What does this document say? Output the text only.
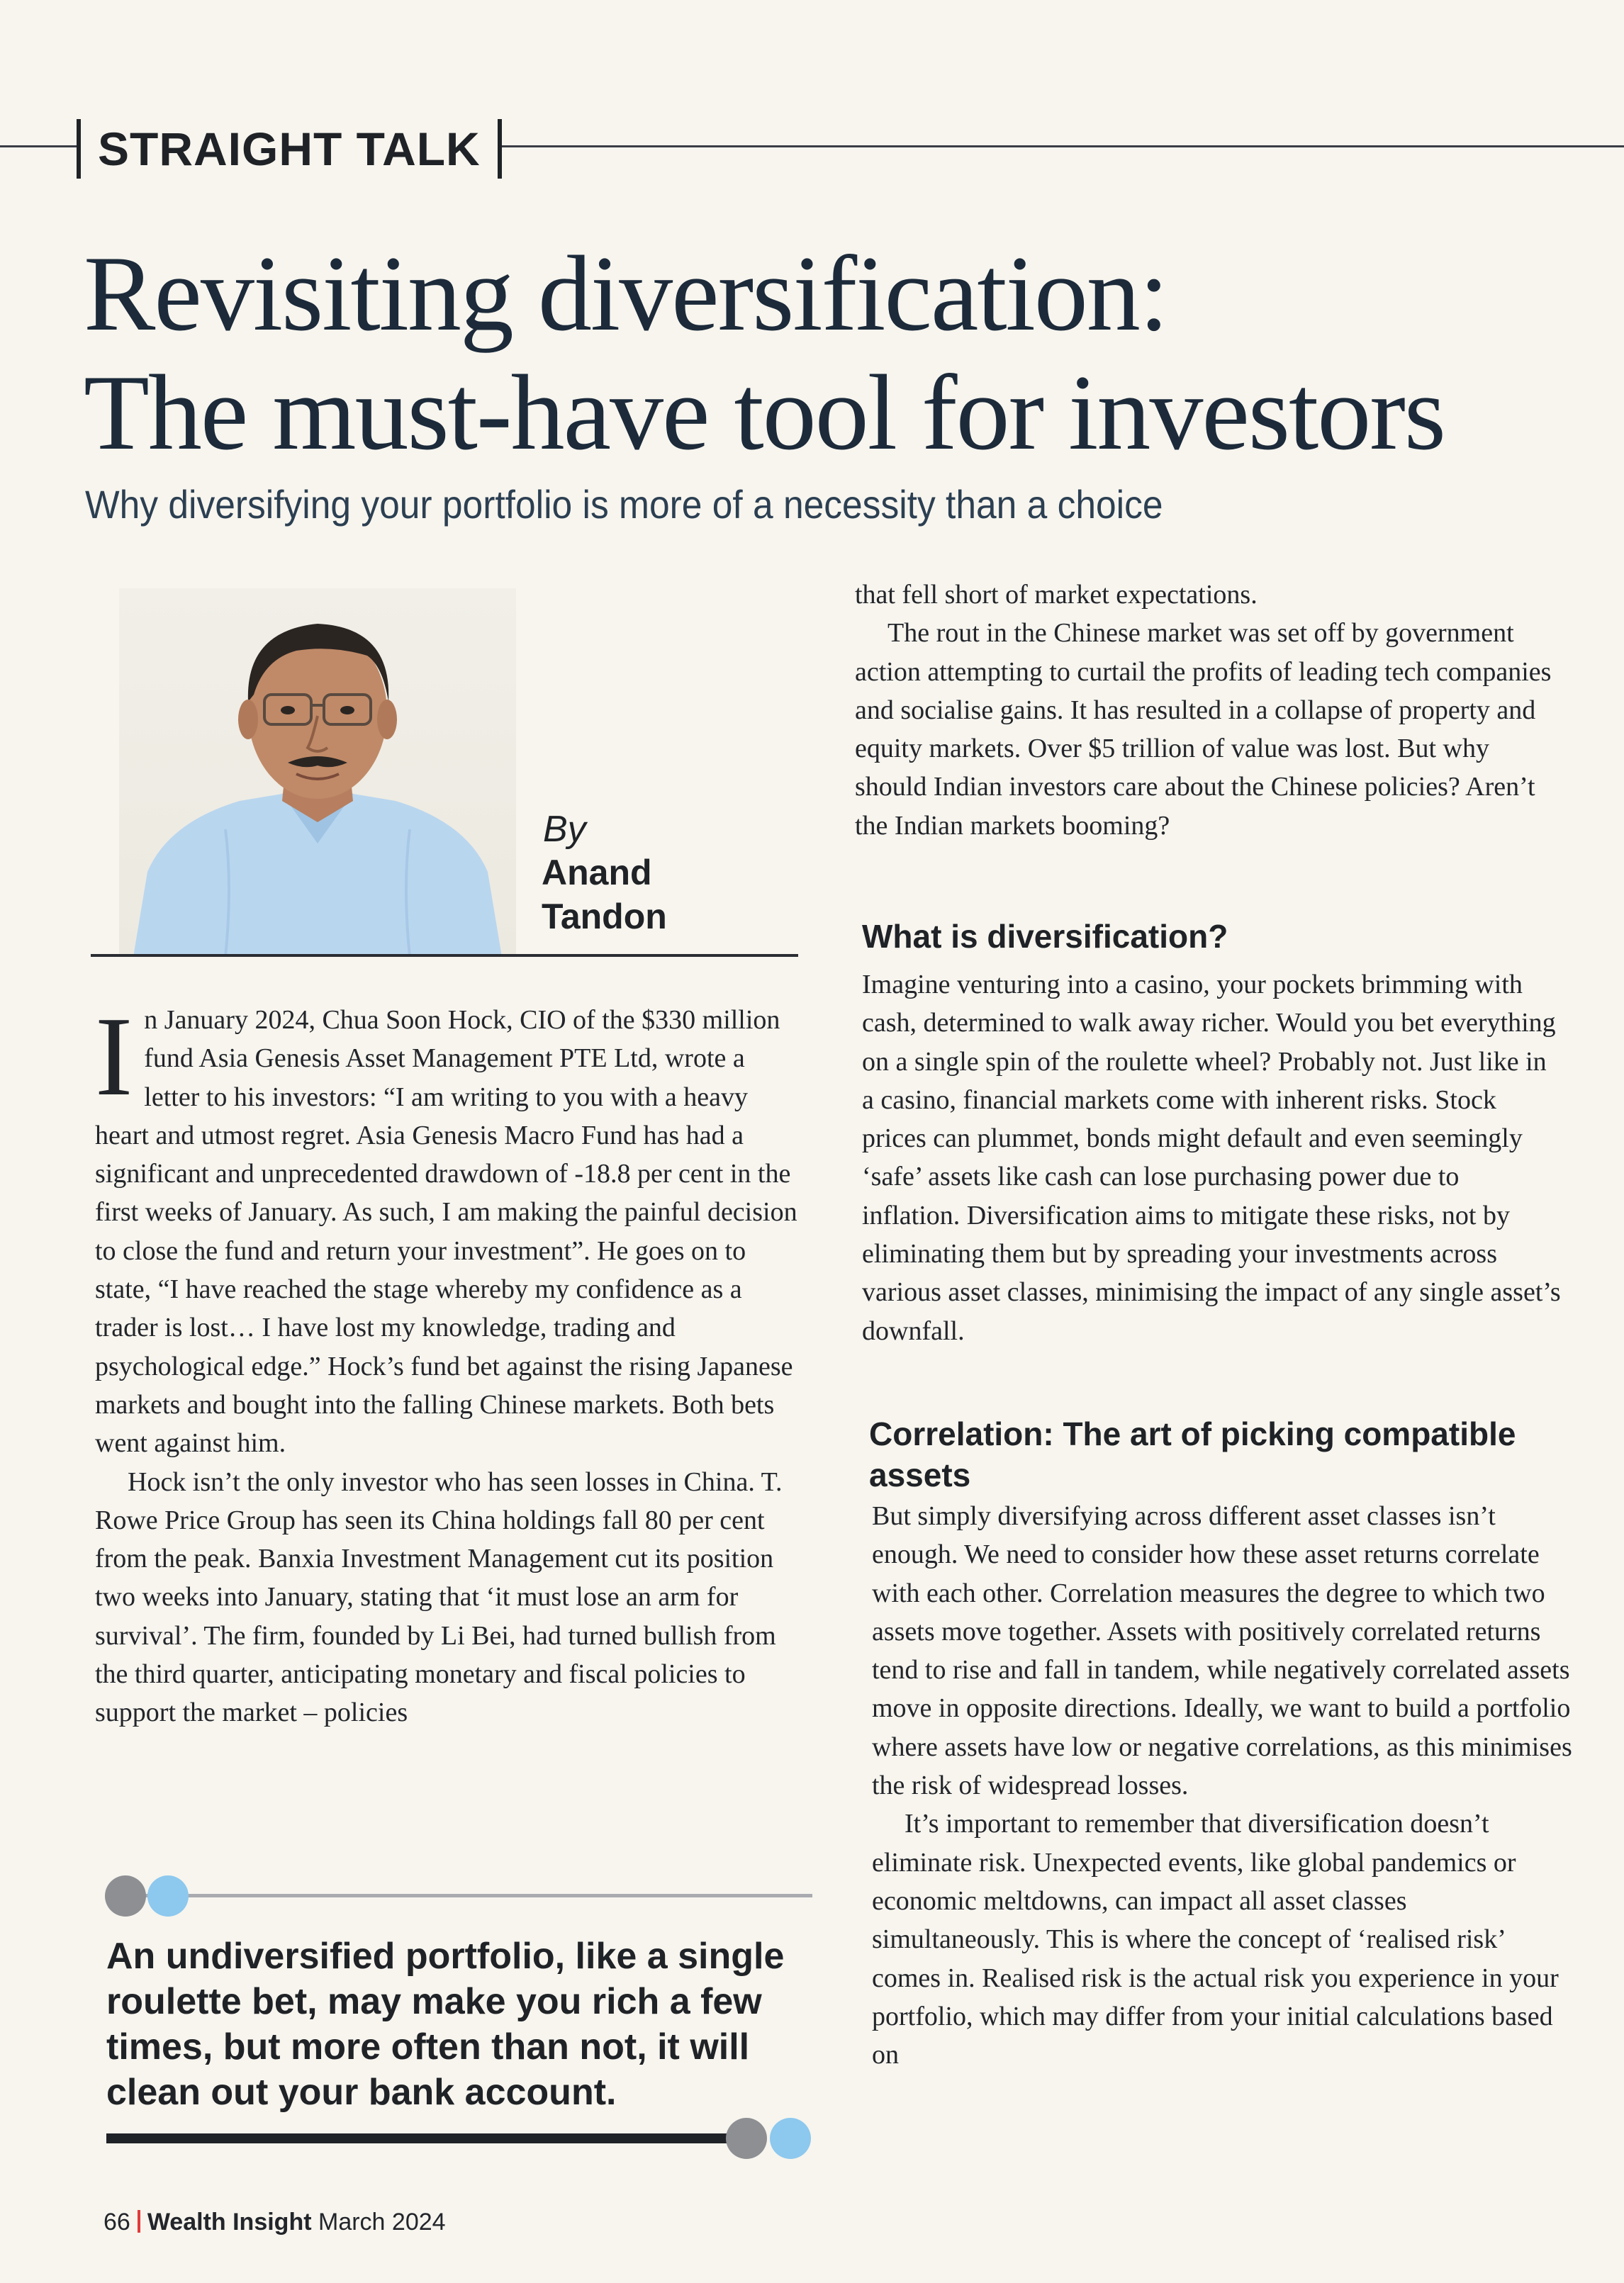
STRAIGHT TALK
Revisiting diversification:
The must-have tool for investors
Why diversifying your portfolio is more of a necessity than a choice
By
Anand
Tandon

In January 2024, Chua Soon Hock, CIO of the $330 million fund Asia Genesis Asset Management PTE Ltd, wrote a letter to his investors: “I am writing to you with a heavy heart and utmost regret. Asia Genesis Macro Fund has had a significant and unprecedented drawdown of -18.8 per cent in the first weeks of January. As such, I am making the painful decision to close the fund and return your investment”. He goes on to state, “I have reached the stage whereby my confidence as a trader is lost… I have lost my knowledge, trading and psychological edge.” Hock’s fund bet against the rising Japanese markets and bought into the falling Chinese markets. Both bets went against him.

Hock isn’t the only investor who has seen losses in China. T. Rowe Price Group has seen its China holdings fall 80 per cent from the peak. Banxia Investment Management cut its position two weeks into January, stating that ‘it must lose an arm for survival’. The firm, founded by Li Bei, had turned bullish from the third quarter, anticipating monetary and fiscal policies to support the market – policies

that fell short of market expectations.

The rout in the Chinese market was set off by government action attempting to curtail the profits of leading tech companies and socialise gains. It has resulted in a collapse of property and equity markets. Over $5 trillion of value was lost. But why should Indian investors care about the Chinese policies? Aren’t the Indian markets booming?

What is diversification?

Imagine venturing into a casino, your pockets brimming with cash, determined to walk away richer. Would you bet everything on a single spin of the roulette wheel? Probably not. Just like in a casino, financial markets come with inherent risks. Stock prices can plummet, bonds might default and even seemingly ‘safe’ assets like cash can lose purchasing power due to inflation. Diversification aims to mitigate these risks, not by eliminating them but by spreading your investments across various asset classes, minimising the impact of any single asset’s downfall.

Correlation: The art of picking compatible assets

But simply diversifying across different asset classes isn’t enough. We need to consider how these asset returns correlate with each other. Correlation measures the degree to which two assets move together. Assets with positively correlated returns tend to rise and fall in tandem, while negatively correlated assets move in opposite directions. Ideally, we want to build a portfolio where assets have low or negative correlations, as this minimises the risk of widespread losses.

It’s important to remember that diversification doesn’t eliminate risk. Unexpected events, like global pandemics or economic meltdowns, can impact all asset classes simultaneously. This is where the concept of ‘realised risk’ comes in. Realised risk is the actual risk you experience in your portfolio, which may differ from your initial calculations based on

An undiversified portfolio, like a single roulette bet, may make you rich a few times, but more often than not, it will clean out your bank account.
66 Wealth Insight March 2024
